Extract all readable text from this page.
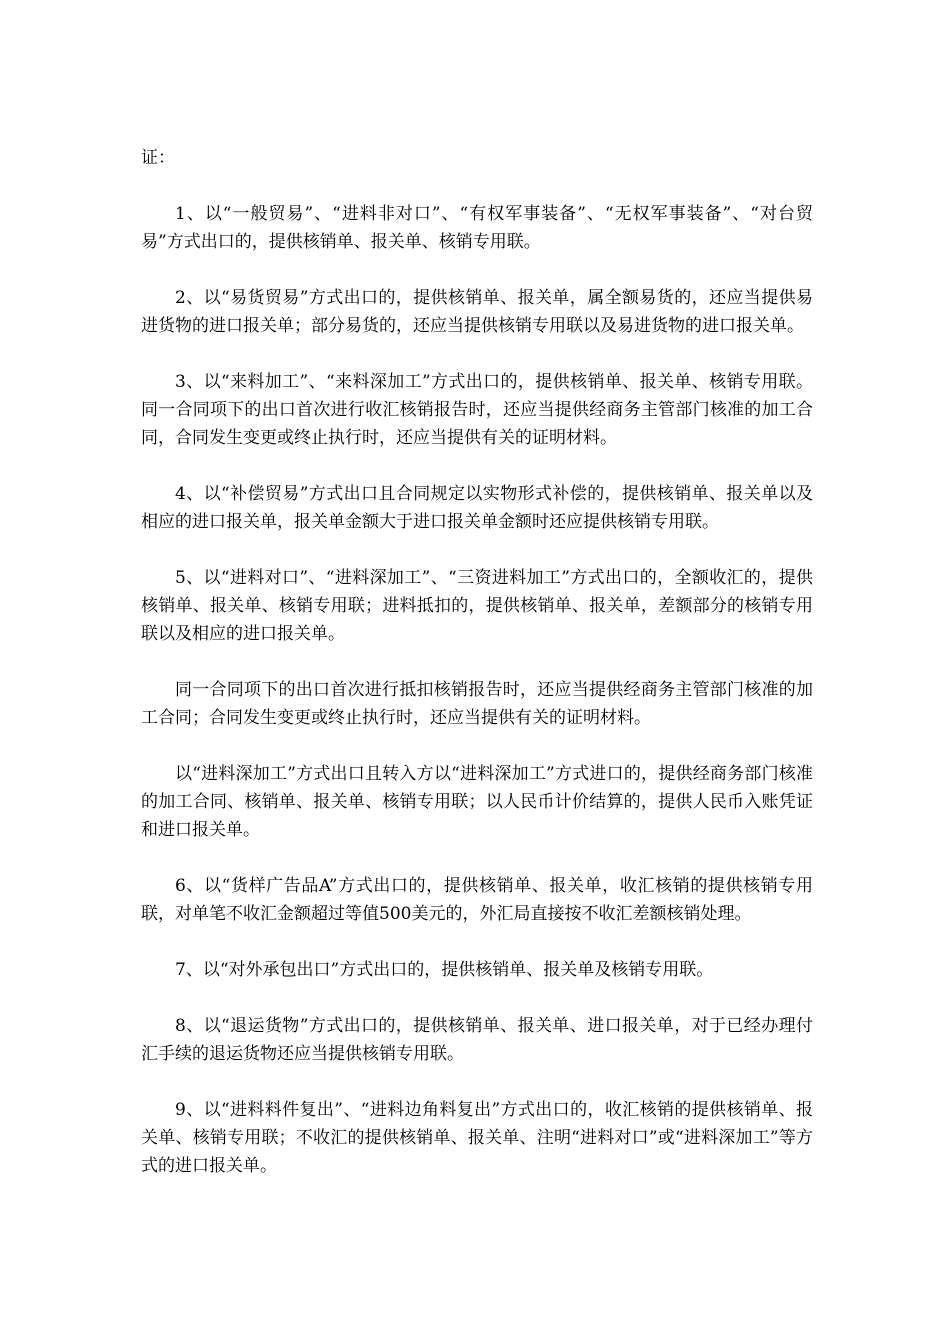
证：

1、以“一般贸易”、“进料非对口”、“有权军事装备”、“无权军事装备”、“对台贸易”方式出口的，提供核销单、报关单、核销专用联。

2、以“易货贸易”方式出口的，提供核销单、报关单，属全额易货的，还应当提供易进货物的进口报关单；部分易货的，还应当提供核销专用联以及易进货物的进口报关单。

3、以“来料加工”、“来料深加工”方式出口的，提供核销单、报关单、核销专用联。同一合同项下的出口首次进行收汇核销报告时，还应当提供经商务主管部门核准的加工合同，合同发生变更或终止执行时，还应当提供有关的证明材料。

4、以“补偿贸易”方式出口且合同规定以实物形式补偿的，提供核销单、报关单以及相应的进口报关单，报关单金额大于进口报关单金额时还应提供核销专用联。

5、以“进料对口”、“进料深加工”、“三资进料加工”方式出口的，全额收汇的，提供核销单、报关单、核销专用联；进料抵扣的，提供核销单、报关单，差额部分的核销专用联以及相应的进口报关单。

同一合同项下的出口首次进行抵扣核销报告时，还应当提供经商务主管部门核准的加工合同；合同发生变更或终止执行时，还应当提供有关的证明材料。

以“进料深加工”方式出口且转入方以“进料深加工”方式进口的，提供经商务部门核准的加工合同、核销单、报关单、核销专用联；以人民币计价结算的，提供人民币入账凭证和进口报关单。

6、以“货样广告品A”方式出口的，提供核销单、报关单，收汇核销的提供核销专用联，对单笔不收汇金额超过等值500美元的，外汇局直接按不收汇差额核销处理。

7、以“对外承包出口”方式出口的，提供核销单、报关单及核销专用联。

8、以“退运货物”方式出口的，提供核销单、报关单、进口报关单，对于已经办理付汇手续的退运货物还应当提供核销专用联。

9、以“进料料件复出”、“进料边角料复出”方式出口的，收汇核销的提供核销单、报关单、核销专用联；不收汇的提供核销单、报关单、注明“进料对口”或“进料深加工”等方式的进口报关单。
